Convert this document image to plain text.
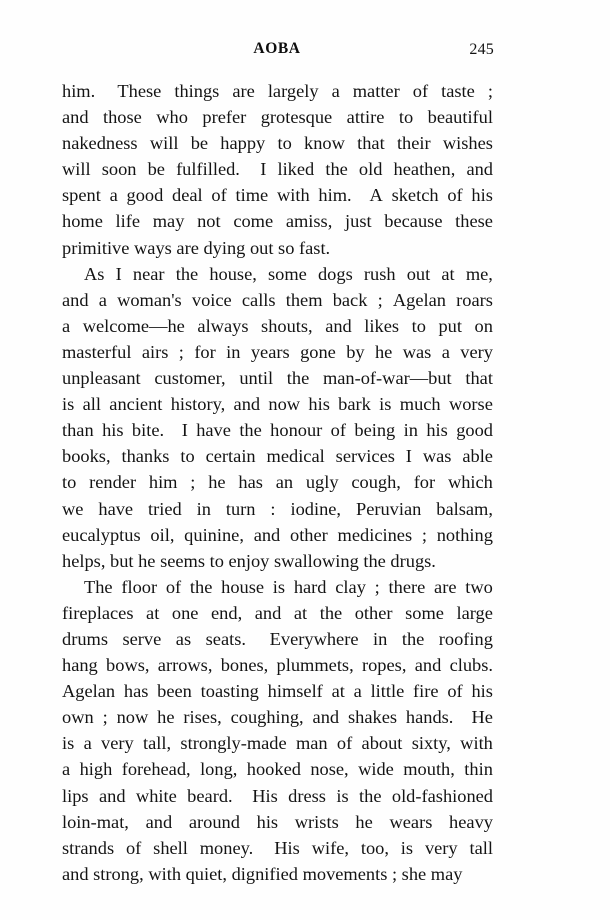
AOBA	245
him. These things are largely a matter of taste ;
and those who prefer grotesque attire to beautiful
nakedness will be happy to know that their wishes
will soon be fulfilled. I liked the old heathen, and
spent a good deal of time with him. A sketch of his
home life may not come amiss, just because these
primitive ways are dying out so fast.
As I near the house, some dogs rush out at me,
and a woman's voice calls them back ; Agelan roars
a welcome—he always shouts, and likes to put on
masterful airs ; for in years gone by he was a very
unpleasant customer, until the man-of-war—but that
is all ancient history, and now his bark is much worse
than his bite. I have the honour of being in his good
books, thanks to certain medical services I was able
to render him ; he has an ugly cough, for which
we have tried in turn : iodine, Peruvian balsam,
eucalyptus oil, quinine, and other medicines ; nothing
helps, but he seems to enjoy swallowing the drugs.
The floor of the house is hard clay ; there are two
fireplaces at one end, and at the other some large
drums serve as seats. Everywhere in the roofing
hang bows, arrows, bones, plummets, ropes, and clubs.
Agelan has been toasting himself at a little fire of his
own ; now he rises, coughing, and shakes hands. He
is a very tall, strongly-made man of about sixty, with
a high forehead, long, hooked nose, wide mouth, thin
lips and white beard. His dress is the old-fashioned
loin-mat, and around his wrists he wears heavy
strands of shell money. His wife, too, is very tall
and strong, with quiet, dignified movements ; she may
